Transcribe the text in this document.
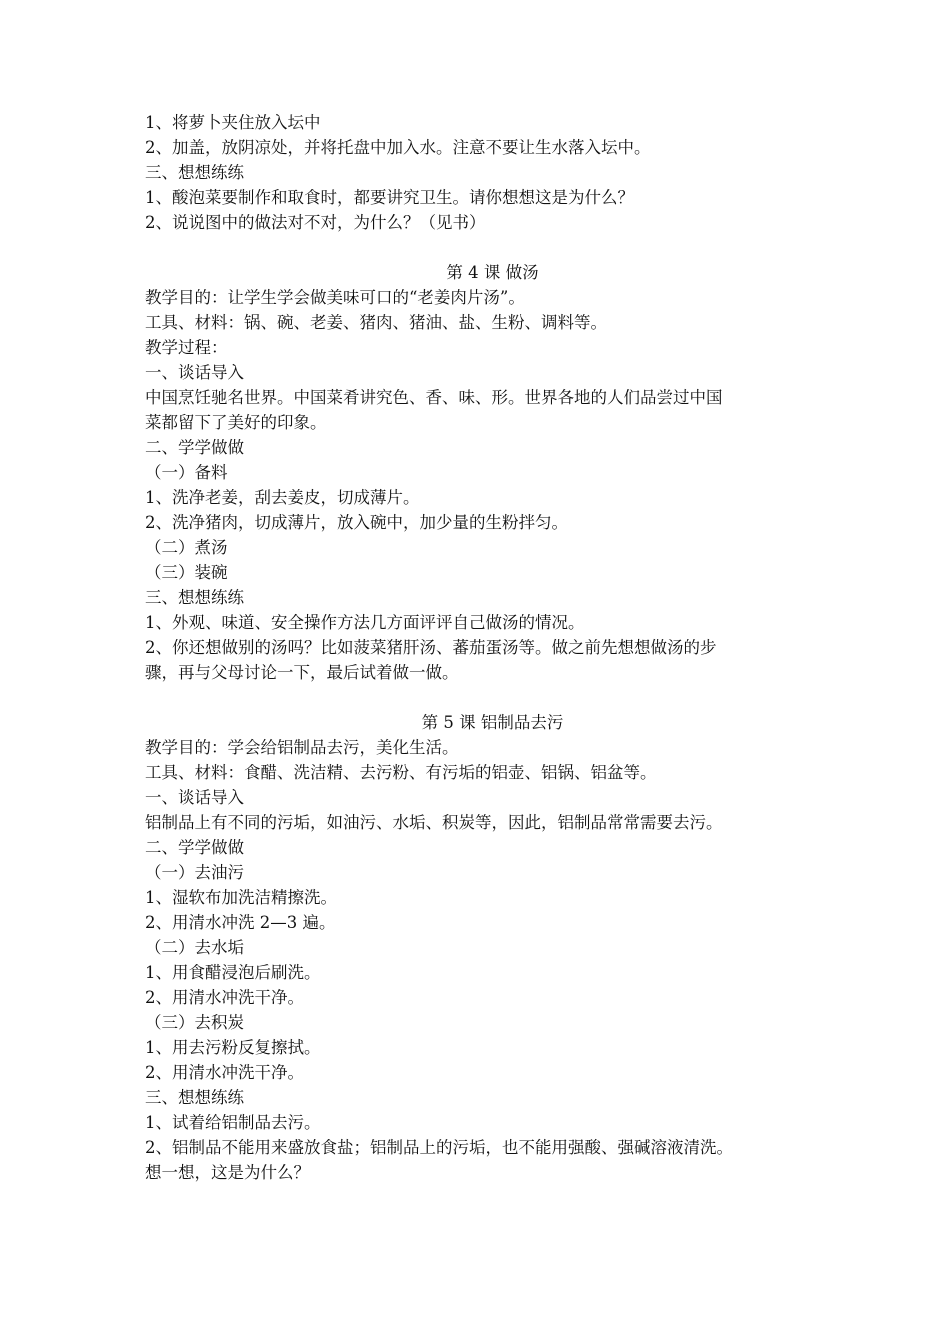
1、将萝卜夹住放入坛中
2、加盖，放阴凉处，并将托盘中加入水。注意不要让生水落入坛中。
三、想想练练
1、酸泡菜要制作和取食时，都要讲究卫生。请你想想这是为什么？
2、说说图中的做法对不对，为什么？（见书）
第 4 课 做汤
教学目的：让学生学会做美味可口的“老姜肉片汤”。
工具、材料：锅、碗、老姜、猪肉、猪油、盐、生粉、调料等。
教学过程：
一、谈话导入
中国烹饪驰名世界。中国菜肴讲究色、香、味、形。世界各地的人们品尝过中国
菜都留下了美好的印象。
二、学学做做
（一）备料
1、洗净老姜，刮去姜皮，切成薄片。
2、洗净猪肉，切成薄片，放入碗中，加少量的生粉拌匀。
（二）煮汤
（三）装碗
三、想想练练
1、外观、味道、安全操作方法几方面评评自己做汤的情况。
2、你还想做别的汤吗？比如菠菜猪肝汤、蕃茄蛋汤等。做之前先想想做汤的步
骤，再与父母讨论一下，最后试着做一做。
第 5 课 铝制品去污
教学目的：学会给铝制品去污，美化生活。
工具、材料：食醋、洗洁精、去污粉、有污垢的铝壶、铝锅、铝盆等。
一、谈话导入
铝制品上有不同的污垢，如油污、水垢、积炭等，因此，铝制品常常需要去污。
二、学学做做
（一）去油污
1、湿软布加洗洁精擦洗。
2、用清水冲洗 2—3 遍。
（二）去水垢
1、用食醋浸泡后刷洗。
2、用清水冲洗干净。
（三）去积炭
1、用去污粉反复擦拭。
2、用清水冲洗干净。
三、想想练练
1、试着给铝制品去污。
2、铝制品不能用来盛放食盐；铝制品上的污垢，也不能用强酸、强碱溶液清洗。
想一想，这是为什么？
